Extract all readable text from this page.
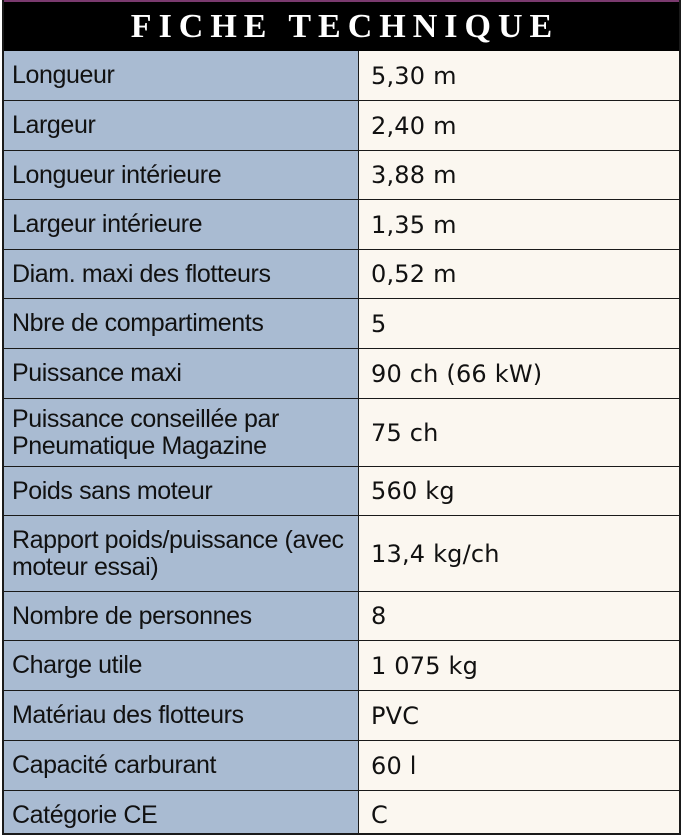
FICHE TECHNIQUE
Longueur	5,30 m
Largeur	2,40 m
Longueur intérieure	3,88 m
Largeur intérieure	1,35 m
Diam. maxi des flotteurs	0,52 m
Nbre de compartiments	5
Puissance maxi	90 ch (66 kW)
Puissance conseillée par Pneumatique Magazine	75 ch
Poids sans moteur	560 kg
Rapport poids/puissance (avec moteur essai)	13,4 kg/ch
Nombre de personnes	8
Charge utile	1 075 kg
Matériau des flotteurs	PVC
Capacité carburant	60 l
Catégorie CE	C
